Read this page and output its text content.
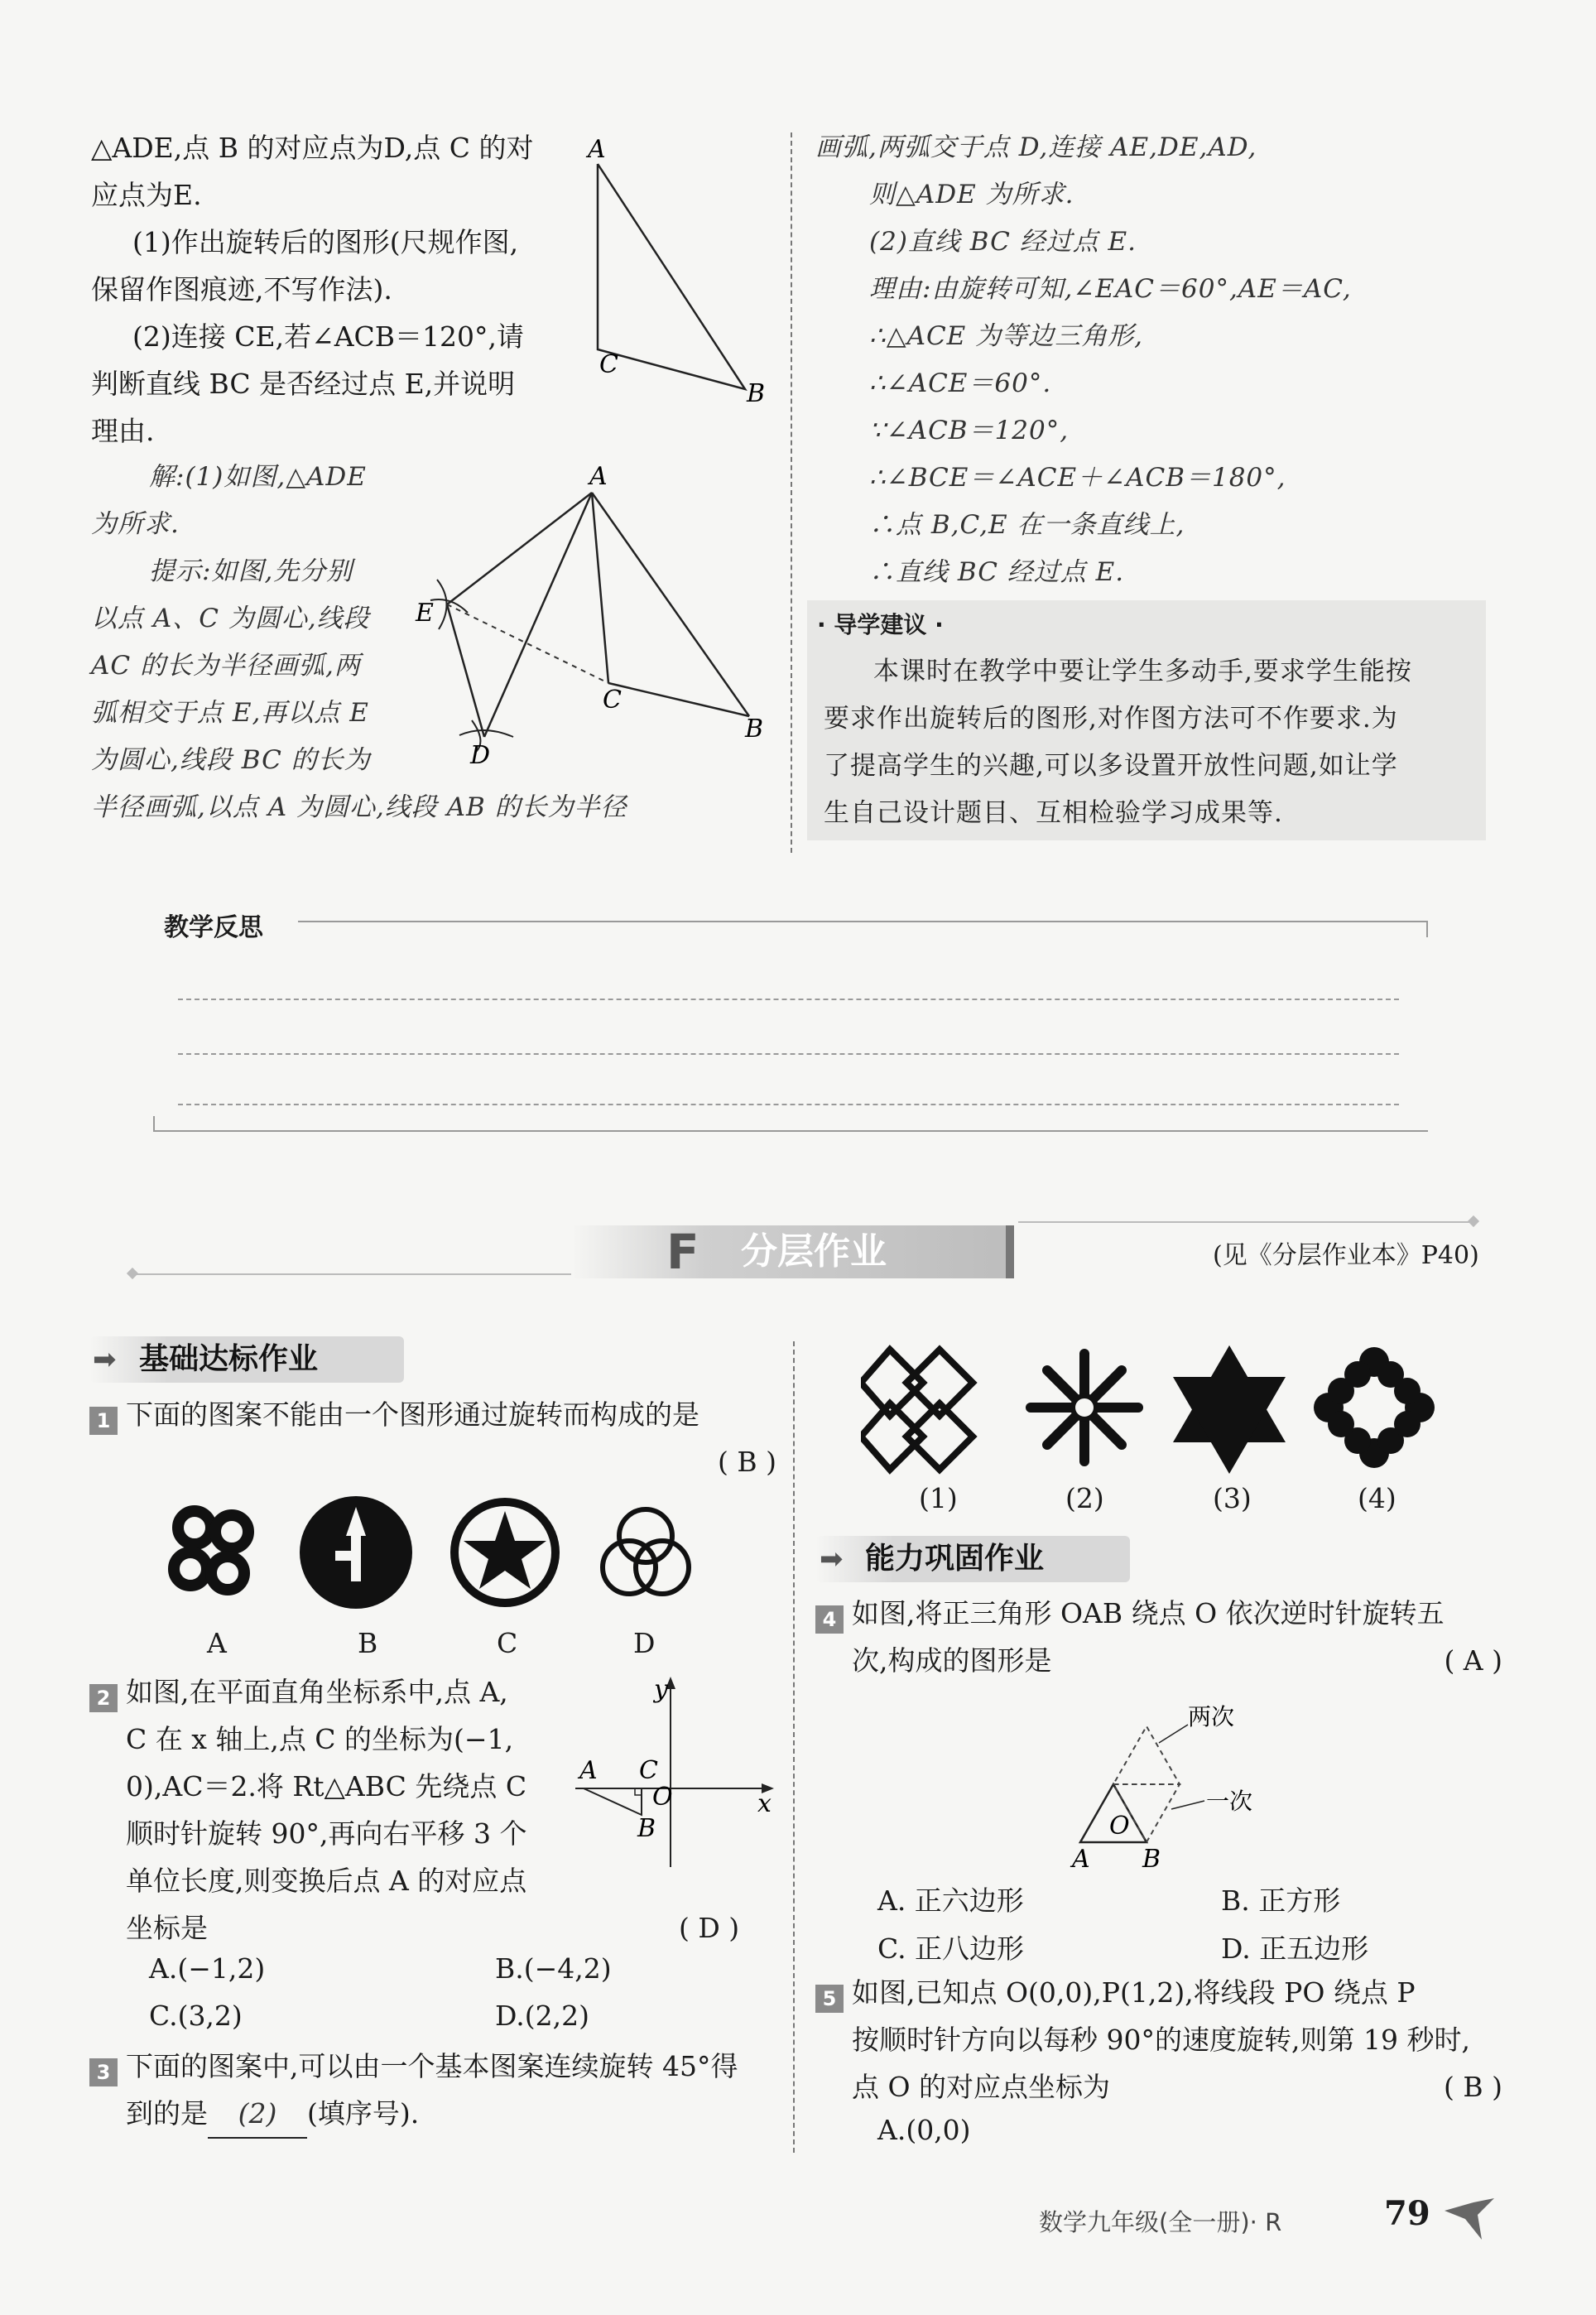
△ADE,点 B 的对应点为D,点 C 的对
应点为E.
(1)作出旋转后的图形(尺规作图,
保留作图痕迹,不写作法).
(2)连接 CE,若∠ACB＝120°,请
判断直线 BC 是否经过点 E,并说明
理由.
解:(1)如图,△ADE
为所求.
提示:如图,先分别
以点 A、C 为圆心,线段
AC 的长为半径画弧,两
弧相交于点 E,再以点 E
为圆心,线段 BC 的长为
半径画弧,以点 A 为圆心,线段 AB 的长为半径
A
C
B
A
E
C
B
D
画弧,两弧交于点 D,连接 AE,DE,AD,
则△ADE 为所求.
(2)直线 BC 经过点 E.
理由:由旋转可知,∠EAC＝60°,AE＝AC,
∴△ACE 为等边三角形,
∴∠ACE＝60°.
∵∠ACB＝120°,
∴∠BCE＝∠ACE＋∠ACB＝180°,
∴点 B,C,E 在一条直线上,
∴直线 BC 经过点 E.
· 导学建议 ·
本课时在教学中要让学生多动手,要求学生能按
要求作出旋转后的图形,对作图方法可不作要求.为
了提高学生的兴趣,可以多设置开放性问题,如让学
生自己设计题目、互相检验学习成果等.
教学反思
F	分层作业	(见《分层作业本》P40)
基础达标作业
➡
1 下面的图案不能由一个图形通过旋转而构成的是
( B )
A	B	C	D
2 如图,在平面直角坐标系中,点 A,
C 在 x 轴上,点 C 的坐标为(−1,
0),AC＝2.将 Rt△ABC 先绕点 C
顺时针旋转 90°,再向右平移 3 个
单位长度,则变换后点 A 的对应点
坐标是	( D )
y
x
A C
O
B
A.(−1,2)	B.(−4,2)
C.(3,2)	D.(2,2)
3 下面的图案中,可以由一个基本图案连续旋转 45°得
到的是 (2) (填序号).
(1)	(2)	(3)	(4)
能力巩固作业
➡
4 如图,将正三角形 OAB 绕点 O 依次逆时针旋转五
次,构成的图形是	( A )
两次
一次
O
A B
A. 正六边形	B. 正方形
C. 正八边形	D. 正五边形
5 如图,已知点 O(0,0),P(1,2),将线段 PO 绕点 P
按顺时针方向以每秒 90°的速度旋转,则第 19 秒时,
点 O 的对应点坐标为	( B )
A.(0,0)
数学九年级(全一册)· R	79
